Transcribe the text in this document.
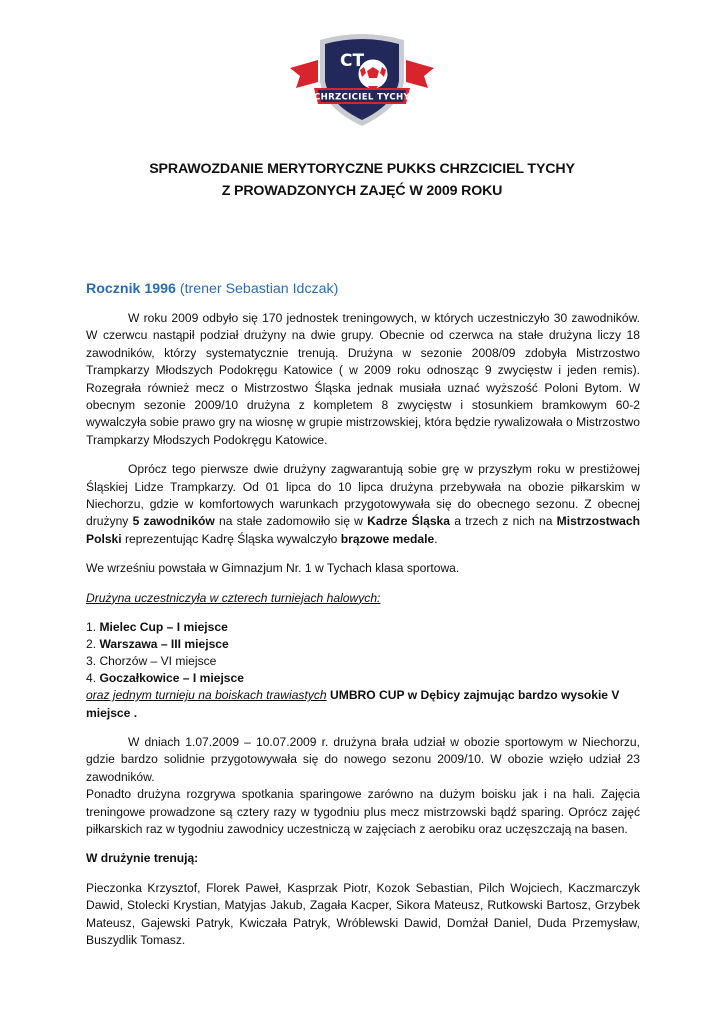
CT
CHRZCICIEL TYCHY
SPRAWOZDANIE MERYTORYCZNE PUKKS CHRZCICIEL TYCHY
Z PROWADZONYCH ZAJĘĆ W 2009 ROKU
Rocznik 1996 (trener Sebastian Idczak)

W roku 2009 odbyło się 170 jednostek treningowych, w których uczestniczyło 30 zawodników. W czerwcu nastąpił podział drużyny na dwie grupy. Obecnie od czerwca na stałe drużyna liczy 18 zawodników, którzy systematycznie trenują. Drużyna w sezonie 2008/09 zdobyła Mistrzostwo Trampkarzy Młodszych Podokręgu Katowice ( w 2009 roku odnosząc 9 zwycięstw i jeden remis). Rozegrała również mecz o Mistrzostwo Śląska jednak musiała uznać wyższość Poloni Bytom. W obecnym sezonie 2009/10 drużyna z kompletem 8 zwycięstw i stosunkiem bramkowym 60-2 wywalczyła sobie prawo gry na wiosnę w grupie mistrzowskiej, która będzie rywalizowała o Mistrzostwo Trampkarzy Młodszych Podokręgu Katowice.

Oprócz tego pierwsze dwie drużyny zagwarantują sobie grę w przyszłym roku w prestiżowej Śląskiej Lidze Trampkarzy. Od 01 lipca do 10 lipca drużyna przebywała na obozie piłkarskim w Niechorzu, gdzie w komfortowych warunkach przygotowywała się do obecnego sezonu. Z obecnej drużyny 5 zawodników na stałe zadomowiło się w Kadrze Śląska a trzech z nich na Mistrzostwach Polski reprezentując Kadrę Śląska wywalczyło brązowe medale.

We wrześniu powstała w Gimnazjum Nr. 1 w Tychach klasa sportowa.

Drużyna uczestniczyła w czterech turniejach halowych:

1. Mielec Cup – I miejsce
2. Warszawa – III miejsce
3. Chorzów – VI miejsce
4. Goczałkowice – I miejsce

oraz jednym turnieju na boiskach trawiastych UMBRO CUP w Dębicy zajmując bardzo wysokie V miejsce .

W dniach 1.07.2009 – 10.07.2009 r. drużyna brała udział w obozie sportowym w Niechorzu, gdzie bardzo solidnie przygotowywała się do nowego sezonu 2009/10. W obozie wzięło udział 23 zawodników.

Ponadto drużyna rozgrywa spotkania sparingowe zarówno na dużym boisku jak i na hali. Zajęcia treningowe prowadzone są cztery razy w tygodniu plus mecz mistrzowski bądź sparing. Oprócz zajęć piłkarskich raz w tygodniu zawodnicy uczestniczą w zajęciach z aerobiku oraz uczęszczają na basen.

W drużynie trenują:

Pieczonka Krzysztof, Florek Paweł, Kasprzak Piotr, Kozok Sebastian, Pilch Wojciech, Kaczmarczyk Dawid, Stolecki Krystian, Matyjas Jakub, Zagała Kacper, Sikora Mateusz, Rutkowski Bartosz, Grzybek Mateusz, Gajewski Patryk, Kwiczała Patryk, Wróblewski Dawid, Domżał Daniel, Duda Przemysław, Buszydlik Tomasz.
